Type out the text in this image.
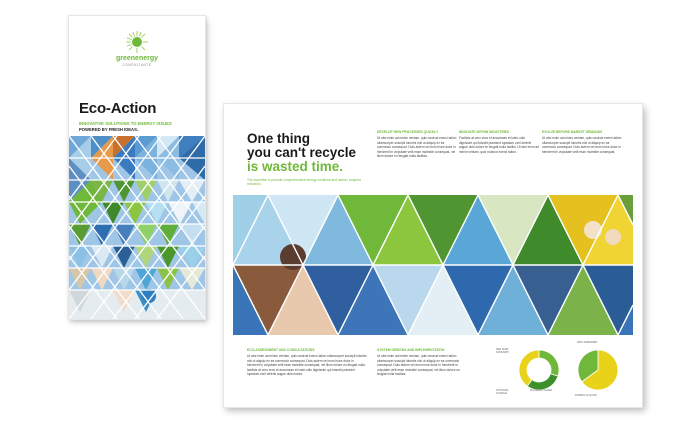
greenenergy
CONSULTANTS
Eco-Action
INNOVATIVE SOLUTIONS TO ENERGY ISSUES
POWERED BY FRESH IDEAS.
One thing
you can't recycle
is wasted time.
The expertise to provide comprehensive energy solutions and carbon footprint reduction.
DEVELOP NEW PROCESSES QUICKLY

Ut wisi enim ad minim veniam, quis nostrud exerci tation ullamcorper suscipit lobortis nisl ut aliquip ex ea commodo consequat. Duis autem vel eum iriure dolor in hendrerit in vulputate velit esse molestie consequat, vel illum dolore eu feugiat nulla facilisis.

INNOVATE WITHIN INDUSTRIES

Facilisis at vero eros et accumsan et iusto odio dignissim qui blandit praesent luptatum zzril delenit augue duis dolore te feugait nulla facilisi. Ut wisi enim ad minim veniam, quis nostrud exerci tation.

EVOLVE BEFORE MARKET DEMANDS

Ut wisi enim ad minim veniam, quis nostrud exerci tation ullamcorper suscipit lobortis nisl ut aliquip ex ea commodo consequat. Duis autem vel eum iriure dolor in hendrerit in vulputate velit esse molestie consequat.

ECO-ASSESSMENT AND CONSULTATIONS

Ut wisi enim ad minim veniam, quis nostrud exerci tation ullamcorper suscipit lobortis nisl ut aliquip ex ea commodo consequat. Duis autem vel eum iriure dolor in hendrerit in vulputate velit esse molestie consequat, vel illum dolore eu feugiat nulla facilisis at vero eros et accumsan et iusto odio dignissim qui blandit praesent luptatum zzril delenit augue duis dolore.

SYSTEM DESIGNS AND IMPLEMENTATION

Ut wisi enim ad minim veniam, quis nostrud exerci tation ullamcorper suscipit lobortis nisl ut aliquip ex ea commodo consequat. Duis autem vel eum iriure dolor in hendrerit in vulputate velit esse molestie consequat, vel illum dolore eu feugiat nulla facilisis.

SED DIAM NONUMMY
OPTIONAL CONGUE
PLACERAT FACER
NIHIL IMPERDIET
DOMING ID QUOD
